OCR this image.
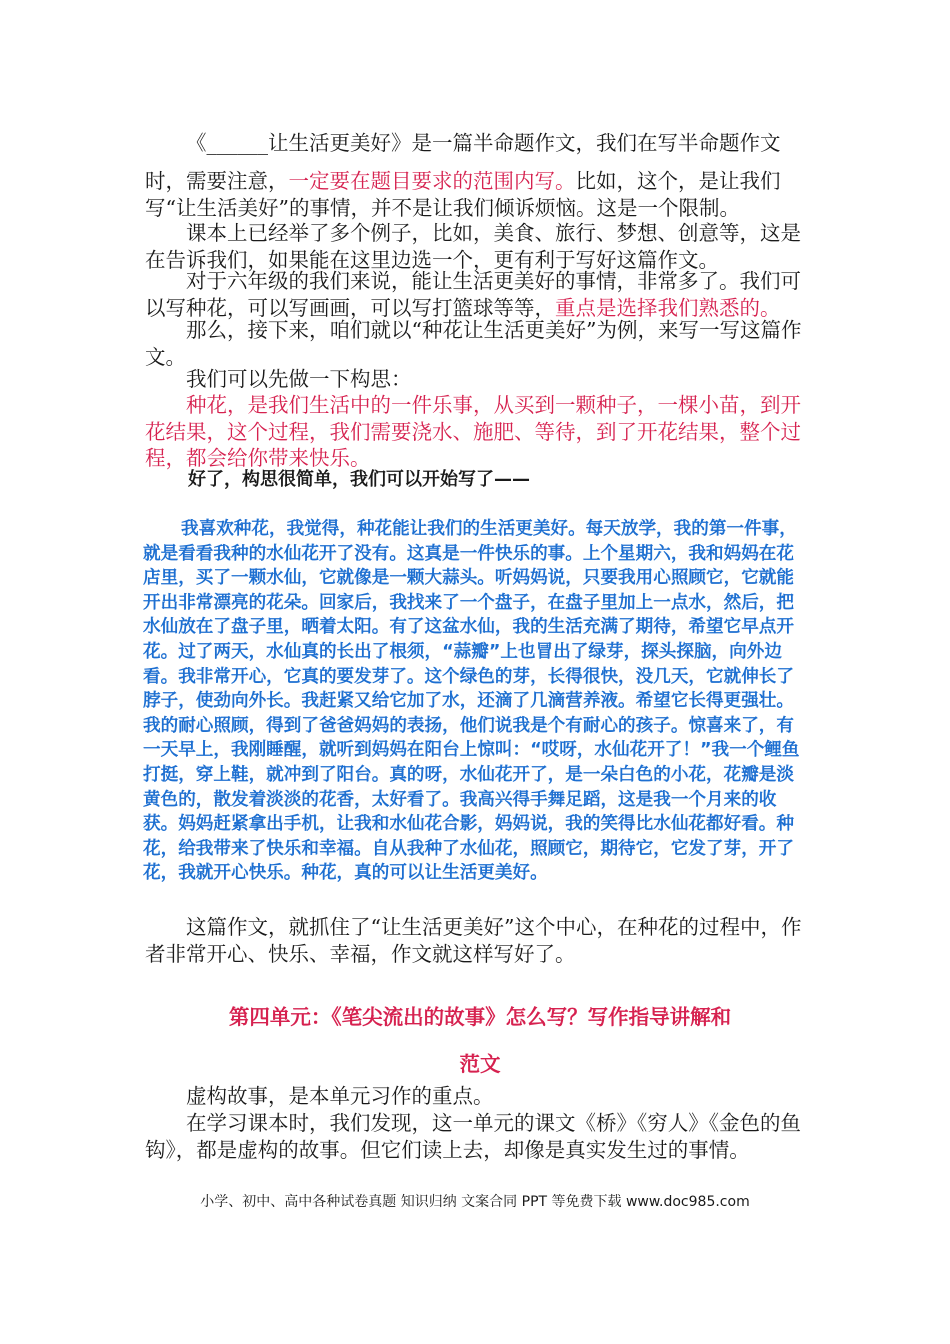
《______让生活更美好》是一篇半命题作文，我们在写半命题作文

时，需要注意，一定要在题目要求的范围内写。比如，这个，是让我们写“让生活美好”的事情，并不是让我们倾诉烦恼。这是一个限制。

课本上已经举了多个例子，比如，美食、旅行、梦想、创意等，这是在告诉我们，如果能在这里边选一个，更有利于写好这篇作文。

对于六年级的我们来说，能让生活更美好的事情，非常多了。我们可以写种花，可以写画画，可以写打篮球等等，重点是选择我们熟悉的。

那么，接下来，咱们就以“种花让生活更美好”为例，来写一写这篇作文。

我们可以先做一下构思：

种花，是我们生活中的一件乐事，从买到一颗种子，一棵小苗，到开花结果，这个过程，我们需要浇水、施肥、等待，到了开花结果，整个过程，都会给你带来快乐。

好了，构思很简单，我们可以开始写了——

我喜欢种花，我觉得，种花能让我们的生活更美好。每天放学，我的第一件事，就是看看我种的水仙花开了没有。这真是一件快乐的事。上个星期六，我和妈妈在花店里，买了一颗水仙，它就像是一颗大蒜头。听妈妈说，只要我用心照顾它，它就能开出非常漂亮的花朵。回家后，我找来了一个盘子，在盘子里加上一点水，然后，把水仙放在了盘子里，晒着太阳。有了这盆水仙，我的生活充满了期待，希望它早点开花。过了两天，水仙真的长出了根须，“蒜瓣”上也冒出了绿芽，探头探脑，向外边看。我非常开心，它真的要发芽了。这个绿色的芽，长得很快，没几天，它就伸长了脖子，使劲向外长。我赶紧又给它加了水，还滴了几滴营养液。希望它长得更强壮。我的耐心照顾，得到了爸爸妈妈的表扬，他们说我是个有耐心的孩子。惊喜来了，有一天早上，我刚睡醒，就听到妈妈在阳台上惊叫：“哎呀，水仙花开了！”我一个鲤鱼打挺，穿上鞋，就冲到了阳台。真的呀，水仙花开了，是一朵白色的小花，花瓣是淡黄色的，散发着淡淡的花香，太好看了。我高兴得手舞足蹈，这是我一个月来的收获。妈妈赶紧拿出手机，让我和水仙花合影，妈妈说，我的笑得比水仙花都好看。种花，给我带来了快乐和幸福。自从我种了水仙花，照顾它，期待它，它发了芽，开了花，我就开心快乐。种花，真的可以让生活更美好。

这篇作文，就抓住了“让生活更美好”这个中心，在种花的过程中，作者非常开心、快乐、幸福，作文就这样写好了。

第四单元：《笔尖流出的故事》怎么写？写作指导讲解和

范文

虚构故事，是本单元习作的重点。

在学习课本时，我们发现，这一单元的课文《桥》《穷人》《金色的鱼钩》，都是虚构的故事。但它们读上去，却像是真实发生过的事情。

小学、初中、高中各种试卷真题 知识归纳 文案合同 PPT 等免费下载 www.doc985.com
